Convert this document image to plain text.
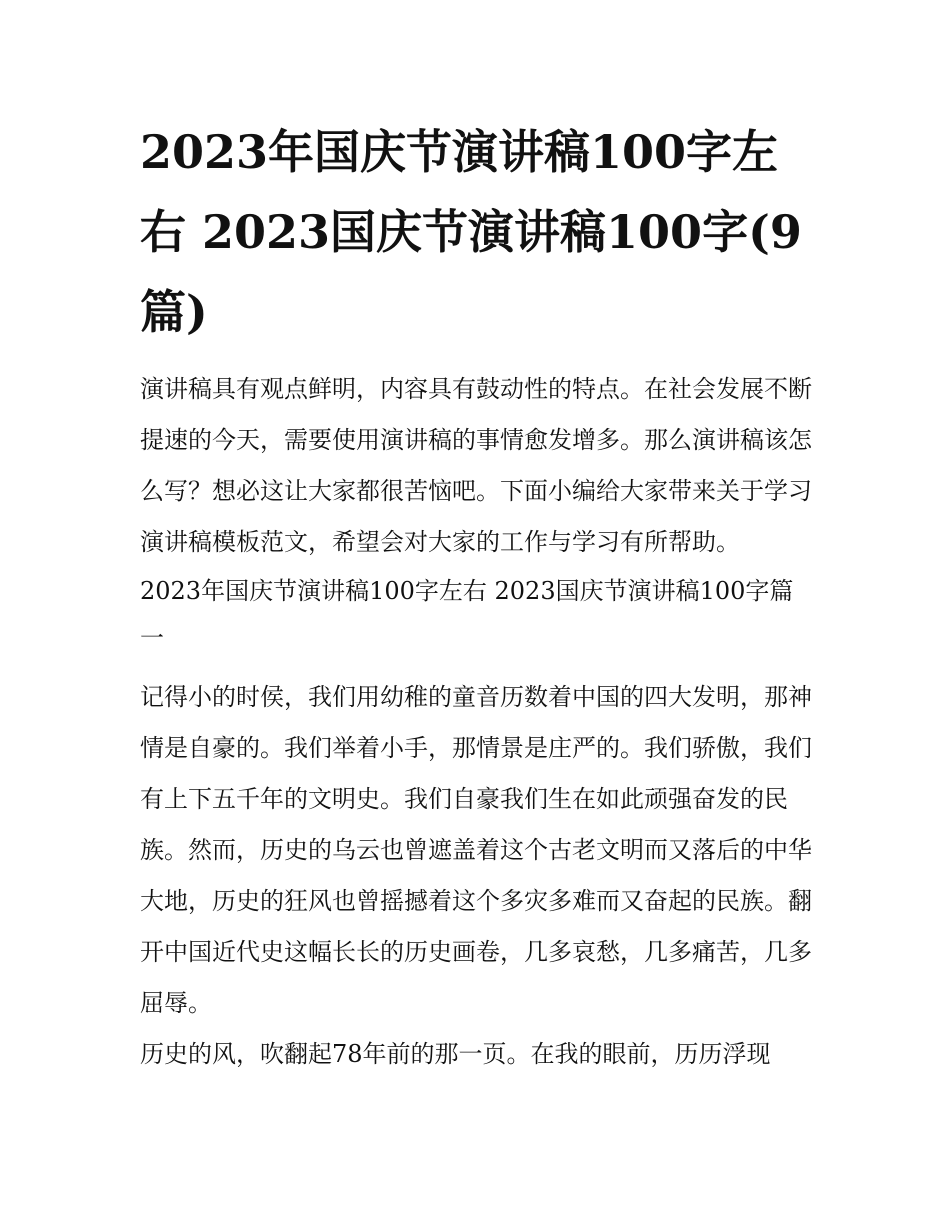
2023年国庆节演讲稿100字左右 2023国庆节演讲稿100字(9篇)

演讲稿具有观点鲜明，内容具有鼓动性的特点。在社会发展不断提速的今天，需要使用演讲稿的事情愈发增多。那么演讲稿该怎么写？想必这让大家都很苦恼吧。下面小编给大家带来关于学习演讲稿模板范文，希望会对大家的工作与学习有所帮助。

2023年国庆节演讲稿100字左右 2023国庆节演讲稿100字篇一

记得小的时侯，我们用幼稚的童音历数着中国的四大发明，那神情是自豪的。我们举着小手，那情景是庄严的。我们骄傲，我们有上下五千年的文明史。我们自豪我们生在如此顽强奋发的民族。然而，历史的乌云也曾遮盖着这个古老文明而又落后的中华大地，历史的狂风也曾摇撼着这个多灾多难而又奋起的民族。翻开中国近代史这幅长长的历史画卷，几多哀愁，几多痛苦，几多屈辱。

历史的风，吹翻起78年前的那一页。在我的眼前，历历浮现
